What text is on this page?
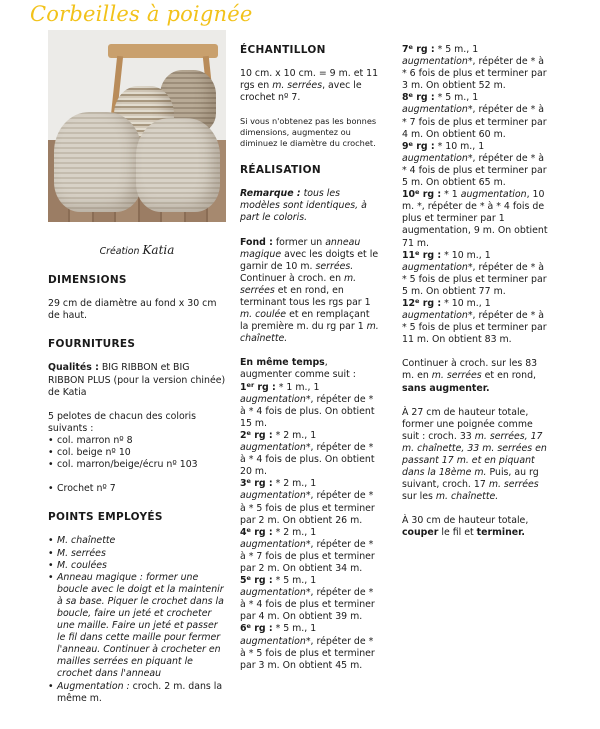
Corbeilles à poignée
Création Katia

DIMENSIONS

29 cm de diamètre au fond x 30 cm de haut.

FOURNITURES

Qualités : BIG RIBBON et BIG RIBBON PLUS (pour la version chinée) de Katia

5 pelotes de chacun des coloris suivants :

• col. marron nº 8
• col. beige nº 10
• col. marron/beige/écru nº 103
• Crochet nº 7

POINTS EMPLOYÉS

• M. chaînette
• M. serrées
• M. coulées
• Anneau magique : former une boucle avec le doigt et la maintenir à sa base. Piquer le crochet dans la boucle, faire un jeté et crocheter une maille. Faire un jeté et passer le fil dans cette maille pour fermer l'anneau. Continuer à crocheter en mailles serrées en piquant le crochet dans l'anneau
• Augmentation : croch. 2 m. dans la même m.

ÉCHANTILLON

10 cm. x 10 cm. = 9 m. et 11 rgs en m. serrées, avec le crochet nº 7.

Si vous n'obtenez pas les bonnes dimensions, augmentez ou diminuez le diamètre du crochet.

RÉALISATION

Remarque : tous les modèles sont identiques, à part le coloris.

Fond : former un anneau magique avec les doigts et le garnir de 10 m. serrées. Continuer à croch. en m. serrées et en rond, en terminant tous les rgs par 1 m. coulée et en remplaçant la première m. du rg par 1 m. chaînette.

En même temps, augmenter comme suit :

1er rg : * 1 m., 1 augmentation*, répéter de * à * 4 fois de plus. On obtient 15 m.

2e rg : * 2 m., 1 augmentation*, répéter de * à * 4 fois de plus. On obtient 20 m.

3e rg : * 2 m., 1 augmentation*, répéter de * à * 5 fois de plus et terminer par 2 m. On obtient 26 m.

4e rg : * 2 m., 1 augmentation*, répéter de * à * 7 fois de plus et terminer par 2 m. On obtient 34 m.

5e rg : * 5 m., 1 augmentation*, répéter de * à * 4 fois de plus et terminer par 4 m. On obtient 39 m.

6e rg : * 5 m., 1 augmentation*, répéter de * à * 5 fois de plus et terminer par 3 m. On obtient 45 m.

7e rg : * 5 m., 1 augmentation*, répéter de * à * 6 fois de plus et terminer par 3 m. On obtient 52 m.

8e rg : * 5 m., 1 augmentation*, répéter de * à * 7 fois de plus et terminer par 4 m. On obtient 60 m.

9e rg : * 10 m., 1 augmentation*, répéter de * à * 4 fois de plus et terminer par 5 m. On obtient 65 m.

10e rg : * 1 augmentation, 10 m. *, répéter de * à * 4 fois de plus et terminer par 1 augmentation, 9 m. On obtient 71 m.

11e rg : * 10 m., 1 augmentation*, répéter de * à * 5 fois de plus et terminer par 5 m. On obtient 77 m.

12e rg : * 10 m., 1 augmentation*, répéter de * à * 5 fois de plus et terminer par 11 m. On obtient 83 m.

Continuer à croch. sur les 83 m. en m. serrées et en rond, sans augmenter.

À 27 cm de hauteur totale, former une poignée comme suit : croch. 33 m. serrées, 17 m. chaînette, 33 m. serrées en passant 17 m. et en piquant dans la 18ème m. Puis, au rg suivant, croch. 17 m. serrées sur les m. chaînette.

À 30 cm de hauteur totale, couper le fil et terminer.
